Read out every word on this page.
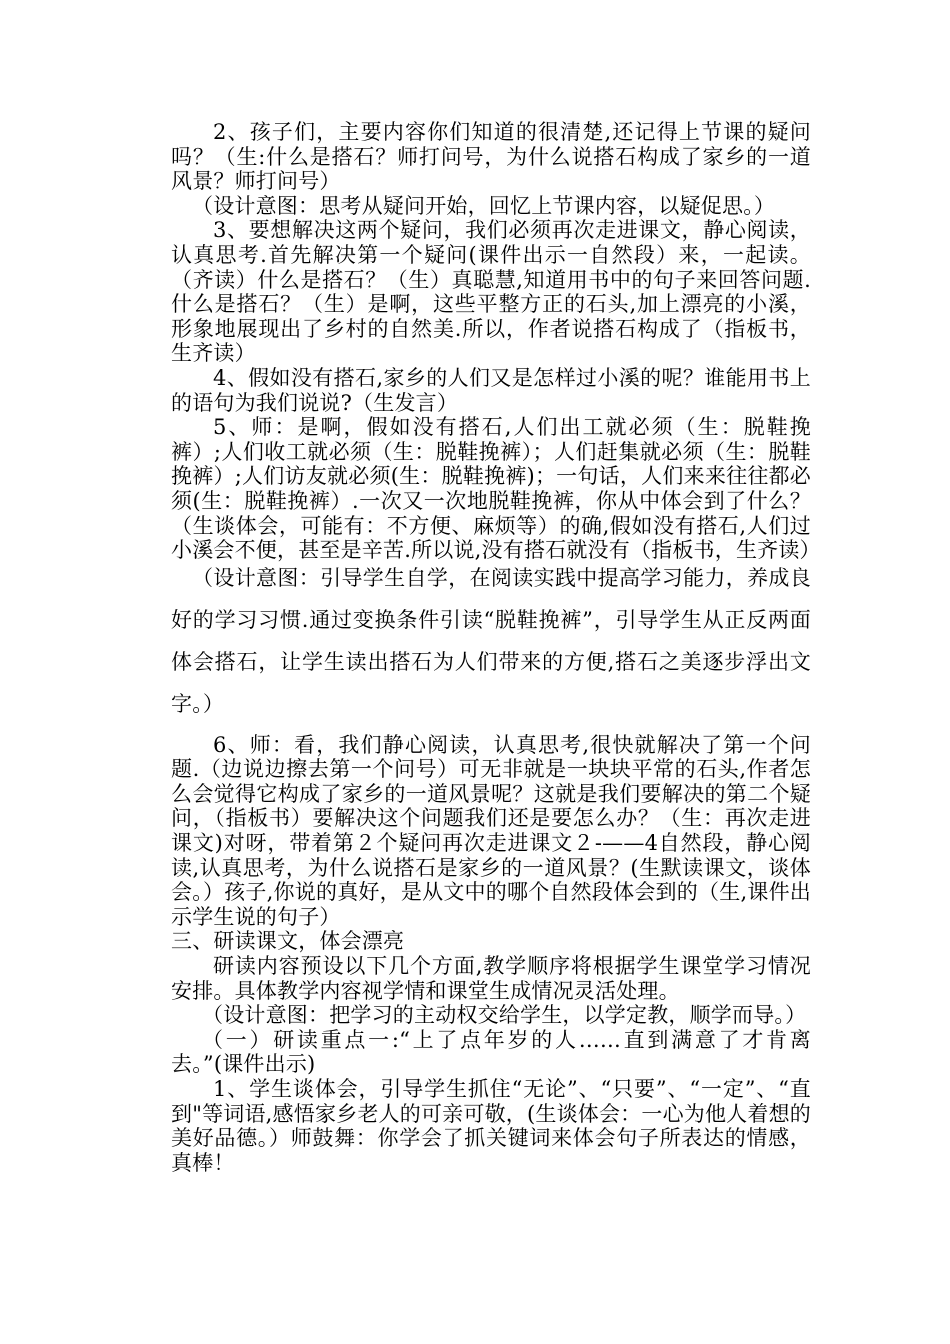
2、孩子们，主要内容你们知道的很清楚,还记得上节课的疑问吗？（生:什么是搭石？师打问号，为什么说搭石构成了家乡的一道风景？师打问号）

（设计意图：思考从疑问开始，回忆上节课内容，以疑促思。）

3、要想解决这两个疑问，我们必须再次走进课文，静心阅读，认真思考.首先解决第一个疑问(课件出示一自然段）来，一起读。（齐读）什么是搭石？（生）真聪慧,知道用书中的句子来回答问题.什么是搭石？（生）是啊，这些平整方正的石头,加上漂亮的小溪，形象地展现出了乡村的自然美.所以，作者说搭石构成了（指板书，生齐读）

4、假如没有搭石,家乡的人们又是怎样过小溪的呢？谁能用书上的语句为我们说说?（生发言）

5、师：是啊，假如没有搭石,人们出工就必须（生：脱鞋挽裤）;人们收工就必须（生：脱鞋挽裤）；人们赶集就必须（生：脱鞋挽裤）;人们访友就必须(生：脱鞋挽裤)；一句话，人们来来往往都必须(生：脱鞋挽裤）.一次又一次地脱鞋挽裤，你从中体会到了什么？（生谈体会，可能有：不方便、麻烦等）的确,假如没有搭石,人们过小溪会不便，甚至是辛苦.所以说,没有搭石就没有（指板书，生齐读）

（设计意图：引导学生自学，在阅读实践中提高学习能力，养成良好的学习习惯.通过变换条件引读“脱鞋挽裤”，引导学生从正反两面体会搭石，让学生读出搭石为人们带来的方便,搭石之美逐步浮出文字。）

6、师：看，我们静心阅读，认真思考,很快就解决了第一个问题.（边说边擦去第一个问号）可无非就是一块块平常的石头,作者怎么会觉得它构成了家乡的一道风景呢？这就是我们要解决的第二个疑问，（指板书）要解决这个问题我们还是要怎么办？（生：再次走进课文)对呀，带着第２个疑问再次走进课文２-——4自然段，静心阅读,认真思考，为什么说搭石是家乡的一道风景？(生默读课文，谈体会。）孩子,你说的真好，是从文中的哪个自然段体会到的（生,课件出示学生说的句子）

三、研读课文，体会漂亮

研读内容预设以下几个方面,教学顺序将根据学生课堂学习情况安排。具体教学内容视学情和课堂生成情况灵活处理。

（设计意图：把学习的主动权交给学生，以学定教，顺学而导。）

（一）研读重点一:“上了点年岁的人……直到满意了才肯离去。”(课件出示)

1、学生谈体会，引导学生抓住“无论”、“只要”、“一定”、“直到"等词语,感悟家乡老人的可亲可敬，(生谈体会：一心为他人着想的美好品德。）师鼓舞：你学会了抓关键词来体会句子所表达的情感，真棒！
